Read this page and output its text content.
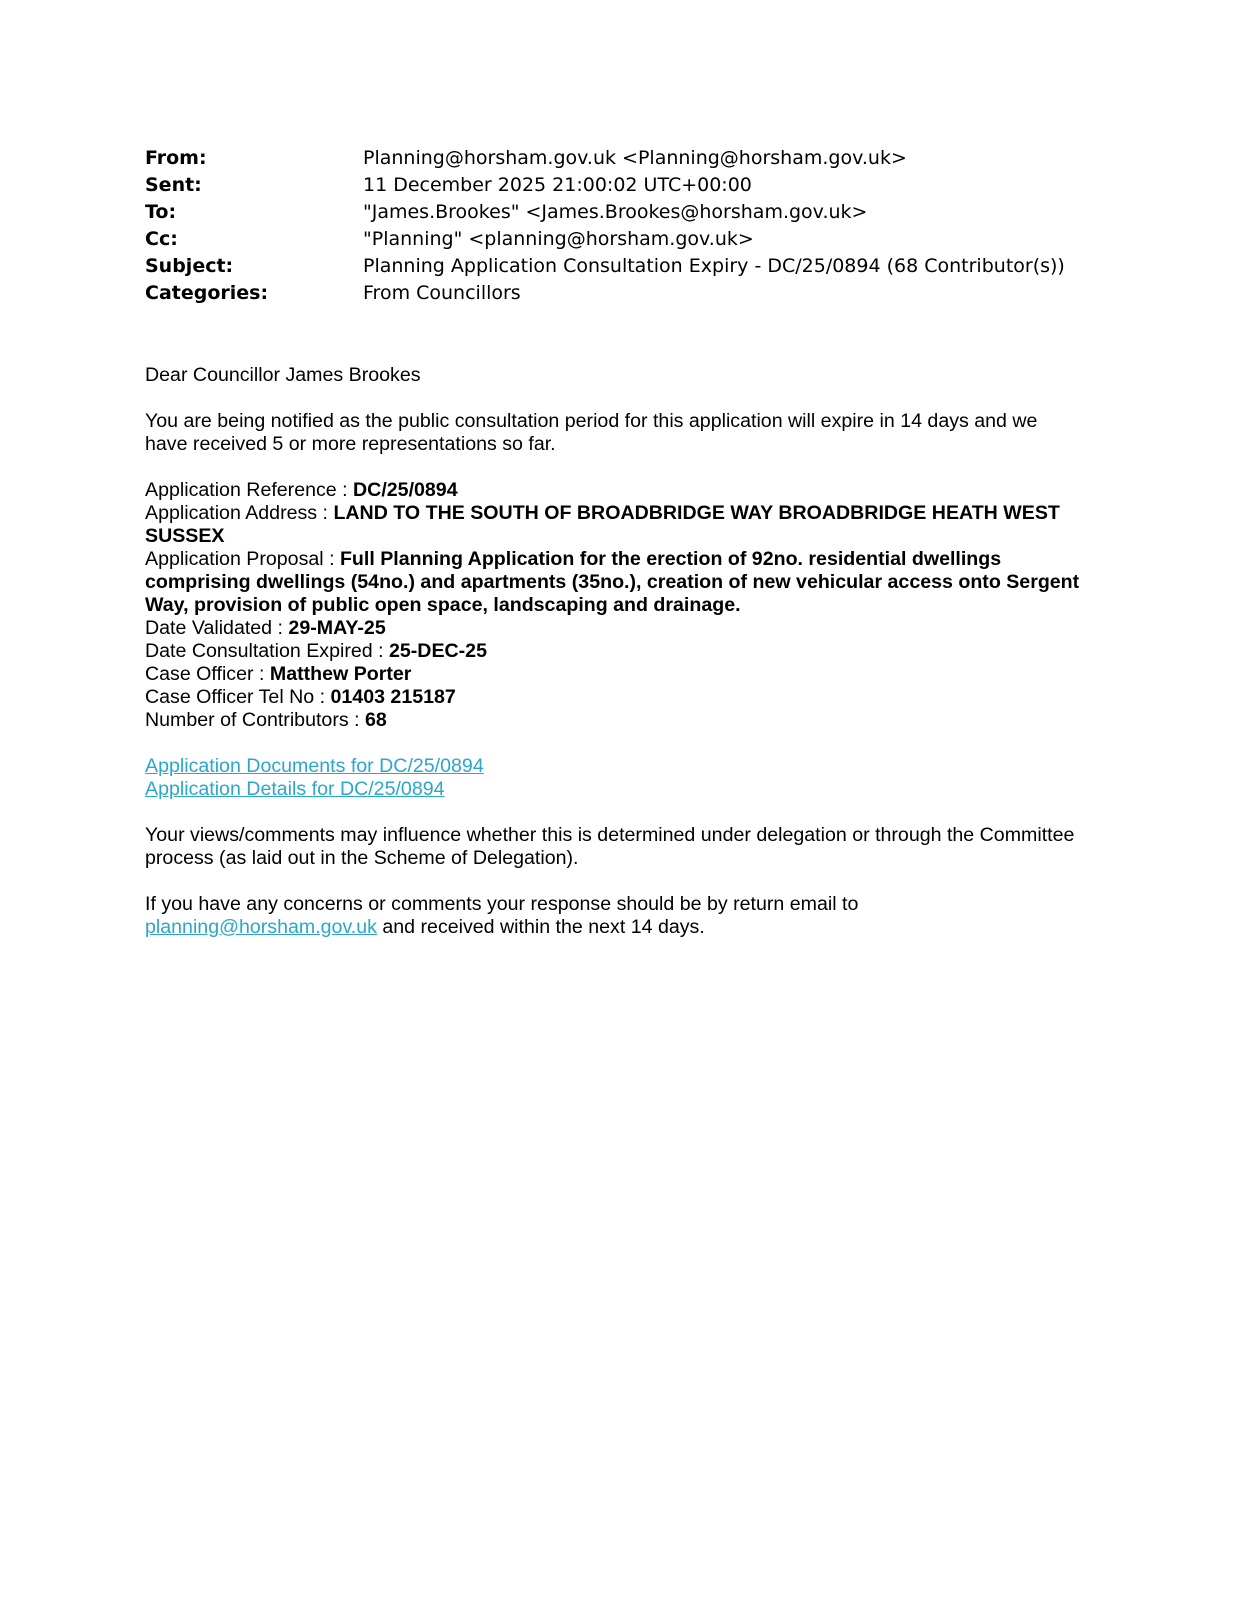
From:	Planning@horsham.gov.uk <Planning@horsham.gov.uk>
Sent:	11 December 2025 21:00:02 UTC+00:00
To:	"James.Brookes" <James.Brookes@horsham.gov.uk>
Cc:	"Planning" <planning@horsham.gov.uk>
Subject:	Planning Application Consultation Expiry - DC/25/0894 (68 Contributor(s))
Categories:	From Councillors

Dear Councillor James Brookes

You are being notified as the public consultation period for this application will expire in 14 days and we have received 5 or more representations so far.

Application Reference : DC/25/0894

Application Address : LAND TO THE SOUTH OF BROADBRIDGE WAY BROADBRIDGE HEATH WEST SUSSEX

Application Proposal : Full Planning Application for the erection of 92no. residential dwellings comprising dwellings (54no.) and apartments (35no.), creation of new vehicular access onto Sergent Way, provision of public open space, landscaping and drainage.

Date Validated : 29-MAY-25

Date Consultation Expired : 25-DEC-25

Case Officer : Matthew Porter

Case Officer Tel No : 01403 215187

Number of Contributors : 68

Application Documents for DC/25/0894

Application Details for DC/25/0894

Your views/comments may influence whether this is determined under delegation or through the Committee process (as laid out in the Scheme of Delegation).

If you have any concerns or comments your response should be by return email to planning@horsham.gov.uk and received within the next 14 days.
